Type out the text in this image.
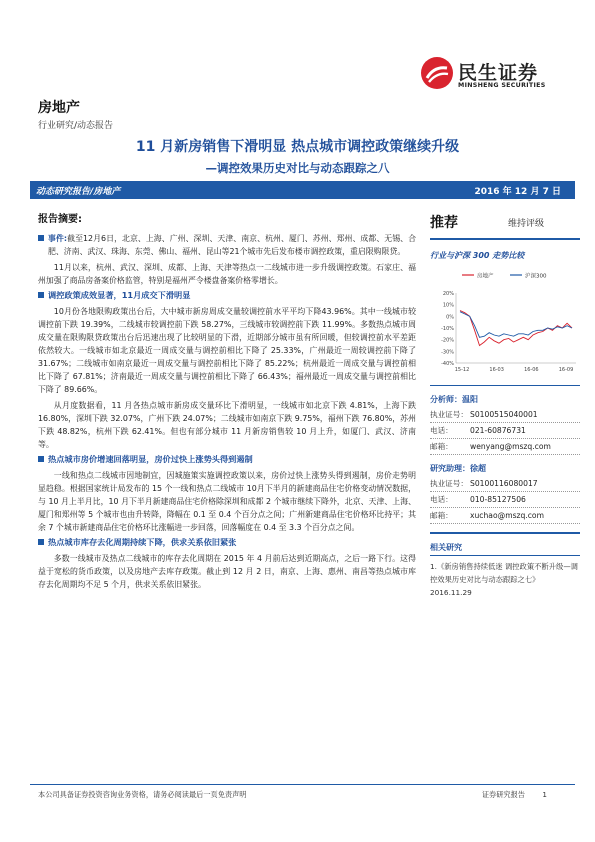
民生证券
MINSHENG SECURITIES
房地产
行业研究/动态报告
11 月新房销售下滑明显 热点城市调控政策继续升级
—调控效果历史对比与动态跟踪之八
动态研究报告/房地产	2016 年 12 月 7 日
报告摘要:
事件:截至12月6日，北京、上海、广州、深圳、天津、南京、杭州、厦门、苏州、郑州、成都、无锡、合肥、济南、武汉、珠海、东莞、佛山、福州、昆山等21个城市先后发布楼市调控政策，重启限购限贷。
11月以来，杭州、武汉、深圳、成都、上海、天津等热点一二线城市进一步升级调控政策。石家庄、福州加强了商品房备案价格监管，特别是福州严令楼盘备案价格零增长。
调控政策成效显著，11月成交下滑明显
10月份各地限购政策出台后，大中城市新房周成交量较调控前水平平均下降43.96%。其中一线城市较调控前下跌 19.39%，二线城市较调控前下跌 58.27%，三线城市较调控前下跌 11.99%。多数热点城市周成交量在限购限贷政策出台后迅速出现了比较明显的下滑，近期部分城市虽有所回暖，但较调控前水平差距依然较大。一线城市如北京最近一周成交量与调控前相比下降了 25.33%，广州最近一周较调控前下降了 31.67%；二线城市如南京最近一周成交量与调控前相比下降了 85.22%；杭州最近一周成交量与调控前相比下降了 67.81%；济南最近一周成交量与调控前相比下降了 66.43%；福州最近一周成交量与调控前相比下降了 89.66%。
从月度数据看，11 月各热点城市新房成交量环比下滑明显，一线城市如北京下跌 4.81%，上海下跌 16.80%，深圳下跌 32.07%，广州下跌 24.07%；二线城市如南京下跌 9.75%，福州下跌 76.80%，苏州下跌 48.82%，杭州下跌 62.41%。但也有部分城市 11 月新房销售较 10 月上升，如厦门、武汉、济南等。
热点城市房价增速回落明显，房价过快上涨势头得到遏制
一线和热点二线城市因地制宜，因城施策实施调控政策以来，房价过快上涨势头得到遏制，房价走势明显趋稳。根据国家统计局发布的 15 个一线和热点二线城市 10月下半月的新建商品住宅价格变动情况数据，与 10 月上半月比，10 月下半月新建商品住宅价格除深圳和成都 2 个城市继续下降外，北京、天津、上海、厦门和郑州等 5 个城市也由升转降，降幅在 0.1 至 0.4 个百分点之间；广州新建商品住宅价格环比持平；其余 7 个城市新建商品住宅价格环比涨幅进一步回落，回落幅度在 0.4 至 3.3 个百分点之间。
热点城市库存去化周期持续下降，供求关系依旧紧张
多数一线城市及热点二线城市的库存去化周期在 2015 年 4 月前后达到近期高点，之后一路下行。这得益于宽松的货币政策，以及房地产去库存政策。截止到 12 月 2 日，南京、上海、惠州、南昌等热点城市库存去化周期均不足 5 个月，供求关系依旧紧张。
推荐	维持评级
行业与沪深 300 走势比较
房地产	沪深300
20%
10%
0%
-10%
-20%
-30%
-40%
15-12	16-03	16-06	16-09
分析师：温阳
执业证号： S0100515040001
电话：	021-60876731
邮箱：	wenyang@mszq.com
研究助理：徐超
执业证号： S0100116080017
电话：	010-85127506
邮箱：	xuchao@mszq.com
相关研究
1.《新房销售持续低迷 调控政策不断升级—调控效果历史对比与动态跟踪之七》2016.11.29
本公司具备证券投资咨询业务资格，请务必阅读最后一页免责声明	证券研究报告 1
